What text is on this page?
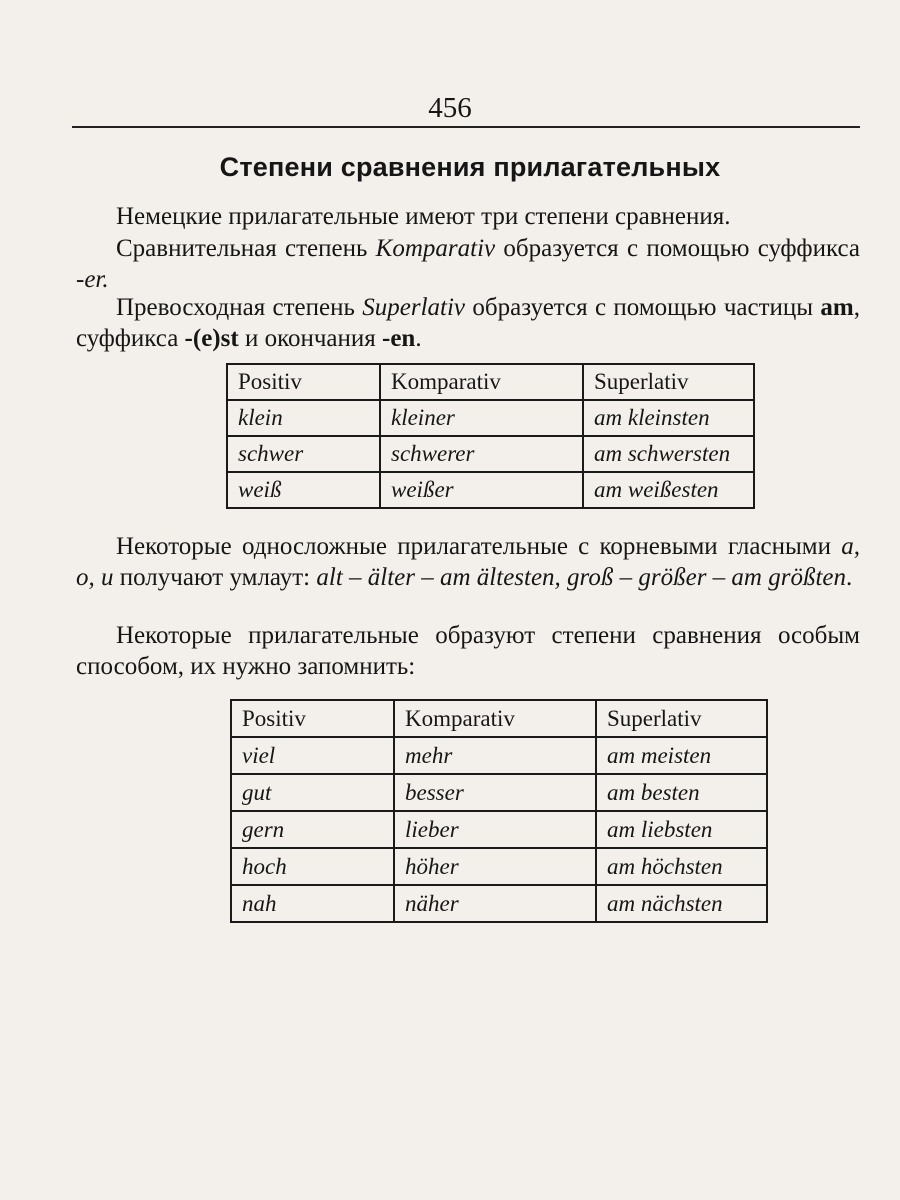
456
Степени сравнения прилагательных
Немецкие прилагательные имеют три степени сравнения.
Сравнительная степень Komparativ образуется с помощью суффикса -er.
Превосходная степень Superlativ образуется с помощью частицы am, суффикса -(e)st и окончания -en.
Positiv	Komparativ	Superlativ
klein	kleiner	am kleinsten
schwer	schwerer	am schwersten
weiß	weißer	am weißesten
Некоторые односложные прилагательные с корневыми гласными a, o, u получают умлаут: alt – älter – am ältesten, groß – größer – am größten.
Некоторые прилагательные образуют степени сравнения особым способом, их нужно запомнить:
Positiv	Komparativ	Superlativ
viel	mehr	am meisten
gut	besser	am besten
gern	lieber	am liebsten
hoch	höher	am höchsten
nah	näher	am nächsten
